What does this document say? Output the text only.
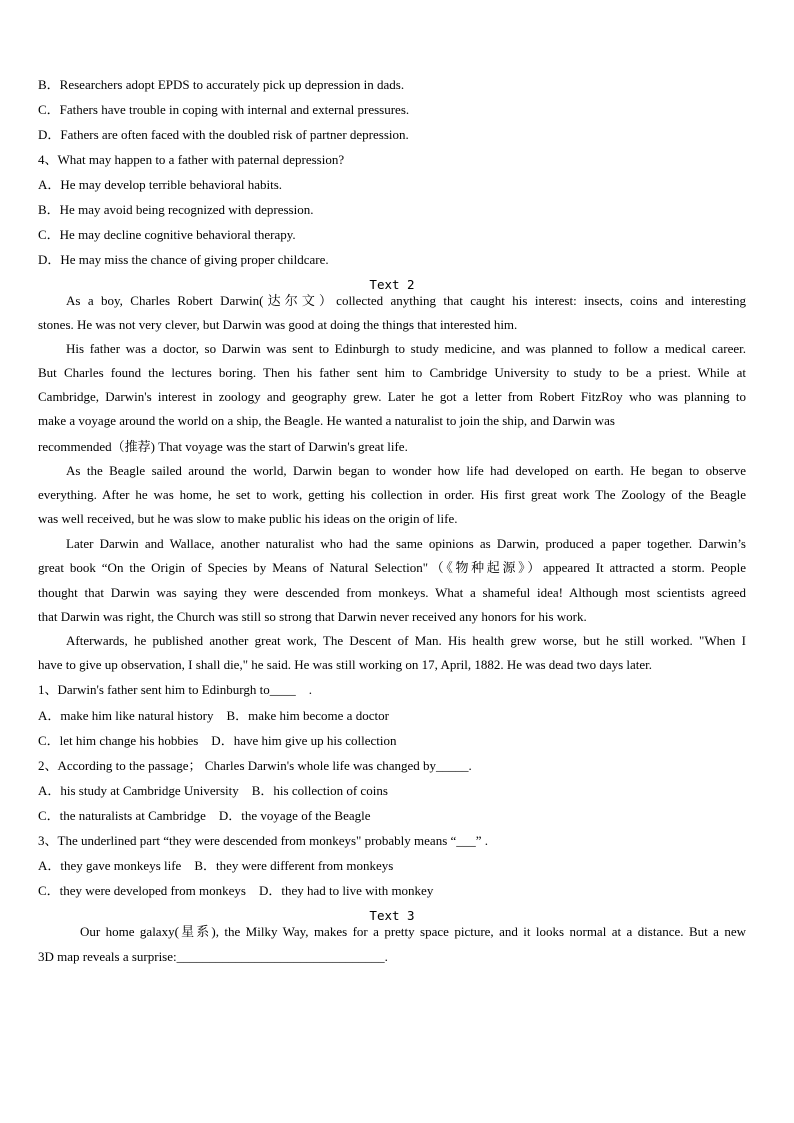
B．Researchers adopt EPDS to accurately pick up depression in dads.
C．Fathers have trouble in coping with internal and external pressures.
D．Fathers are often faced with the doubled risk of partner depression.
4、What may happen to a father with paternal depression?
A．He may develop terrible behavioral habits.
B．He may avoid being recognized with depression.
C．He may decline cognitive behavioral therapy.
D．He may miss the chance of giving proper childcare.
Text 2
As a boy, Charles Robert Darwin(达尔文）collected anything that caught his interest: insects, coins and interesting
stones. He was not very clever, but Darwin was good at doing the things that interested him.
His father was a doctor, so Darwin was sent to Edinburgh to study medicine, and was planned to follow a medical career.
But Charles found the lectures boring. Then his father sent him to Cambridge University to study to be a priest. While at
Cambridge, Darwin's interest in zoology and geography grew. Later he got a letter from Robert FitzRoy who was planning to
make a voyage around the world on a ship, the Beagle. He wanted a naturalist to join the ship, and Darwin was
recommended（推荐) That voyage was the start of Darwin's great life.
As the Beagle sailed around the world, Darwin began to wonder how life had developed on earth. He began to observe
everything. After he was home, he set to work, getting his collection in order. His first great work The Zoology of the Beagle
was well received, but he was slow to make public his ideas on the origin of life.
Later Darwin and Wallace, another naturalist who had the same opinions as Darwin, produced a paper together. Darwin’s
great book “On the Origin of Species by Means of Natural Selection"（《物种起源》）appeared It attracted a storm. People
thought that Darwin was saying they were descended from monkeys. What a shameful idea! Although most scientists agreed
that Darwin was right, the Church was still so strong that Darwin never received any honors for his work.
Afterwards, he published another great work, The Descent of Man. His health grew worse, but he still worked. "When I
have to give up observation, I shall die," he said. He was still working on 17, April, 1882. He was dead two days later.
1、Darwin's father sent him to Edinburgh to____　.
A．make him like natural history　B．make him become a doctor
C．let him change his hobbies　D．have him give up his collection
2、According to the passage； Charles Darwin's whole life was changed by_____.
A．his study at Cambridge University　B．his collection of coins
C．the naturalists at Cambridge　D．the voyage of the Beagle
3、The underlined part “they were descended from monkeys" probably means “___” .
A．they gave monkeys life　B．they were different from monkeys
C．they were developed from monkeys　D．they had to live with monkey
Text 3
Our home galaxy(星系), the Milky Way, makes for a pretty space picture, and it looks normal at a distance. But a new
3D map reveals a surprise:________________________________.
